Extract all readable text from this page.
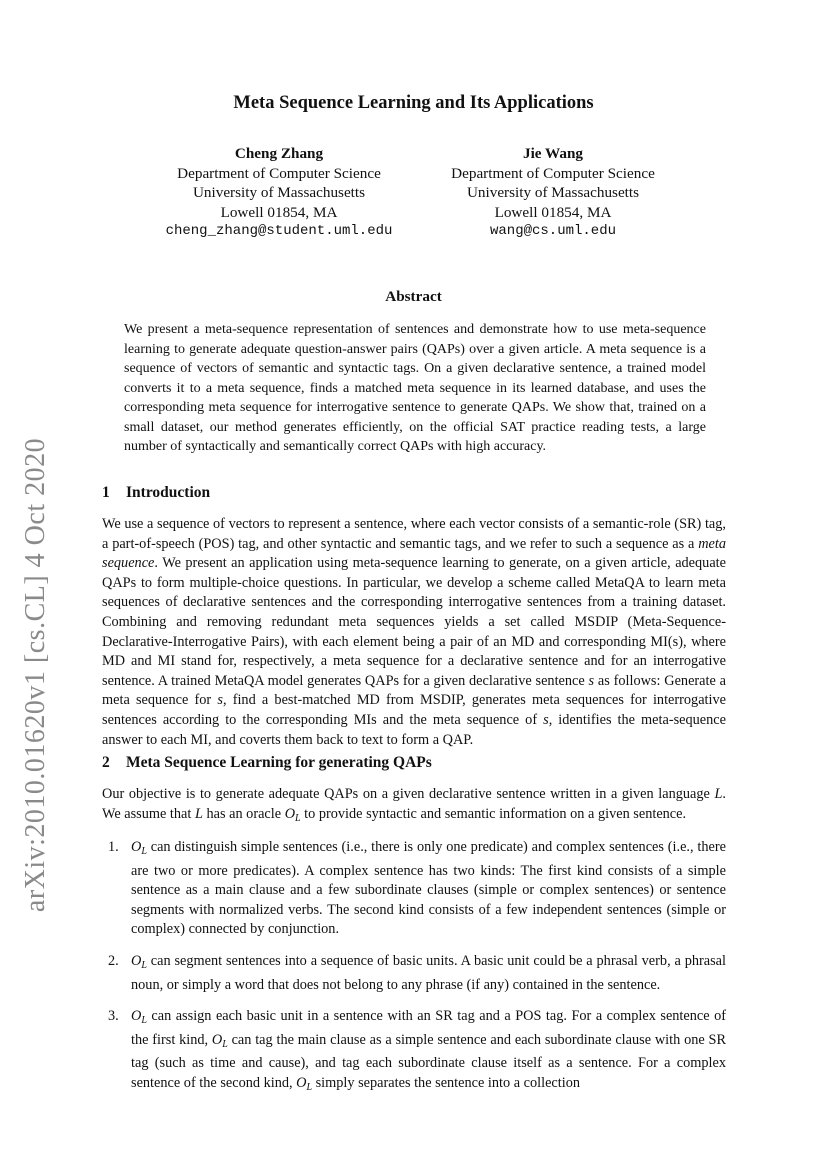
arXiv:2010.01620v1 [cs.CL] 4 Oct 2020
Meta Sequence Learning and Its Applications
Cheng Zhang
Department of Computer Science
University of Massachusetts
Lowell 01854, MA
cheng_zhang@student.uml.edu
Jie Wang
Department of Computer Science
University of Massachusetts
Lowell 01854, MA
wang@cs.uml.edu
Abstract

We present a meta-sequence representation of sentences and demonstrate how to use meta-sequence learning to generate adequate question-answer pairs (QAPs) over a given article. A meta sequence is a sequence of vectors of semantic and syntactic tags. On a given declarative sentence, a trained model converts it to a meta sequence, finds a matched meta sequence in its learned database, and uses the corresponding meta sequence for interrogative sentence to generate QAPs. We show that, trained on a small dataset, our method generates efficiently, on the official SAT practice reading tests, a large number of syntactically and semantically correct QAPs with high accuracy.

1 Introduction

We use a sequence of vectors to represent a sentence, where each vector consists of a semantic-role (SR) tag, a part-of-speech (POS) tag, and other syntactic and semantic tags, and we refer to such a sequence as a meta sequence. We present an application using meta-sequence learning to generate, on a given article, adequate QAPs to form multiple-choice questions. In particular, we develop a scheme called MetaQA to learn meta sequences of declarative sentences and the corresponding interrogative sentences from a training dataset. Combining and removing redundant meta sequences yields a set called MSDIP (Meta-Sequence-Declarative-Interrogative Pairs), with each element being a pair of an MD and corresponding MI(s), where MD and MI stand for, respectively, a meta sequence for a declarative sentence and for an interrogative sentence. A trained MetaQA model generates QAPs for a given declarative sentence s as follows: Generate a meta sequence for s, find a best-matched MD from MSDIP, generates meta sequences for interrogative sentences according to the corresponding MIs and the meta sequence of s, identifies the meta-sequence answer to each MI, and coverts them back to text to form a QAP.

2 Meta Sequence Learning for generating QAPs

Our objective is to generate adequate QAPs on a given declarative sentence written in a given language L. We assume that L has an oracle $O_L$ to provide syntactic and semantic information on a given sentence.

1. $O_L$ can distinguish simple sentences (i.e., there is only one predicate) and complex sentences (i.e., there are two or more predicates). A complex sentence has two kinds: The first kind consists of a simple sentence as a main clause and a few subordinate clauses (simple or complex sentences) or sentence segments with normalized verbs. The second kind consists of a few independent sentences (simple or complex) connected by conjunction.
2. $O_L$ can segment sentences into a sequence of basic units. A basic unit could be a phrasal verb, a phrasal noun, or simply a word that does not belong to any phrase (if any) contained in the sentence.
3. $O_L$ can assign each basic unit in a sentence with an SR tag and a POS tag. For a complex sentence of the first kind, $O_L$ can tag the main clause as a simple sentence and each subordinate clause with one SR tag (such as time and cause), and tag each subordinate clause itself as a sentence. For a complex sentence of the second kind, $O_L$ simply separates the sentence into a collection
